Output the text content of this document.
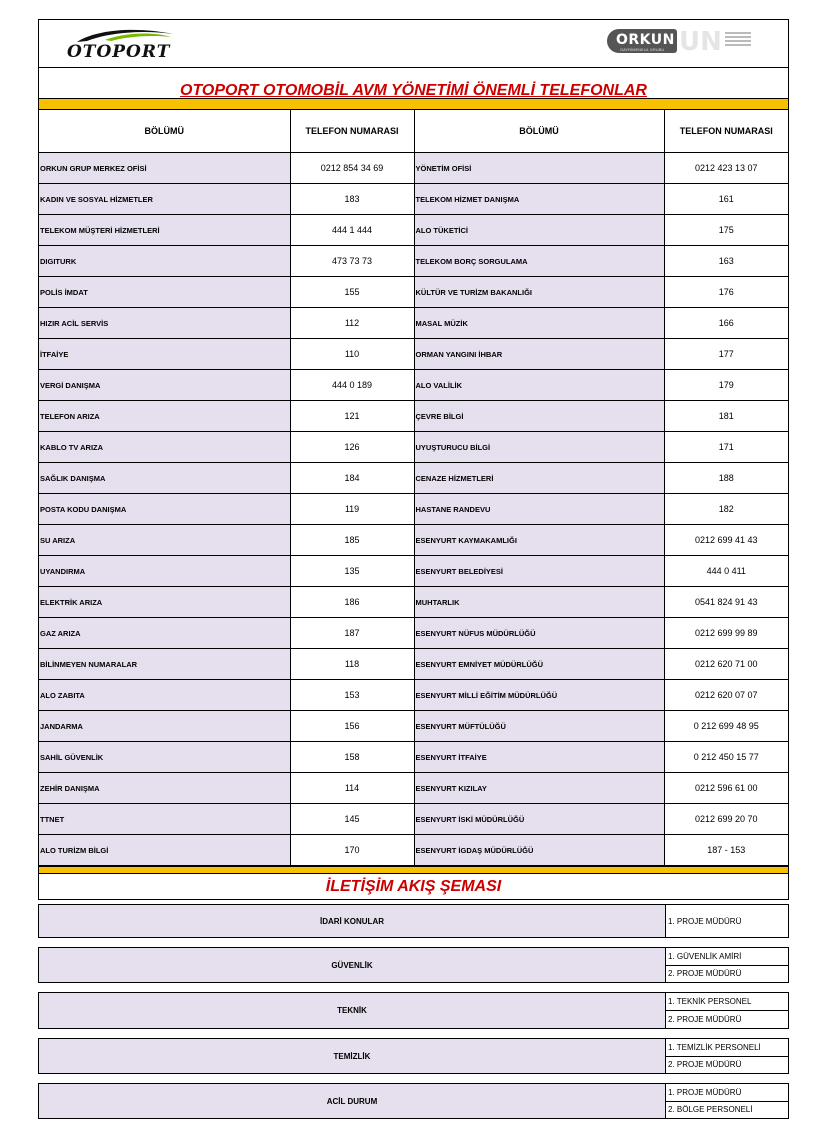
OTOPORT	UN
ORKUN
GAYRİMENKUL GRUBU
OTOPORT OTOMOBİL AVM YÖNETİMİ ÖNEMLİ TELEFONLAR
BÖLÜMÜ	TELEFON NUMARASI	BÖLÜMÜ	TELEFON NUMARASI
ORKUN GRUP MERKEZ OFİSİ	0212 854 34 69	YÖNETİM OFİSİ	0212 423 13 07
KADIN VE SOSYAL HİZMETLER	183	TELEKOM HİZMET DANIŞMA	161
TELEKOM MÜŞTERİ HİZMETLERİ	444 1 444	ALO TÜKETİCİ	175
DIGITURK	473 73 73	TELEKOM BORÇ SORGULAMA	163
POLİS İMDAT	155	KÜLTÜR VE TURİZM BAKANLIĞI	176
HIZIR ACİL SERVİS	112	MASAL MÜZİK	166
İTFAİYE	110	ORMAN YANGINI İHBAR	177
VERGİ DANIŞMA	444 0 189	ALO VALİLİK	179
TELEFON ARIZA	121	ÇEVRE BİLGİ	181
KABLO TV ARIZA	126	UYUŞTURUCU BİLGİ	171
SAĞLIK DANIŞMA	184	CENAZE HİZMETLERİ	188
POSTA KODU DANIŞMA	119	HASTANE RANDEVU	182
SU ARIZA	185	ESENYURT KAYMAKAMLIĞI	0212 699 41 43
UYANDIRMA	135	ESENYURT BELEDİYESİ	444 0 411
ELEKTRİK ARIZA	186	MUHTARLIK	0541 824 91 43
GAZ ARIZA	187	ESENYURT NÜFUS MÜDÜRLÜĞÜ	0212 699 99 89
BİLİNMEYEN NUMARALAR	118	ESENYURT EMNİYET MÜDÜRLÜĞÜ	0212 620 71 00
ALO ZABITA	153	ESENYURT MİLLİ EĞİTİM MÜDÜRLÜĞÜ	0212 620 07 07
JANDARMA	156	ESENYURT MÜFTÜLÜĞÜ	0 212 699 48 95
SAHİL GÜVENLİK	158	ESENYURT İTFAİYE	0 212 450 15 77
ZEHİR DANIŞMA	114	ESENYURT KIZILAY	0212 596 61 00
TTNET	145	ESENYURT İSKİ MÜDÜRLÜĞÜ	0212 699 20 70
ALO TURİZM BİLGİ	170	ESENYURT İGDAŞ MÜDÜRLÜĞÜ	187 - 153
İLETİŞİM AKIŞ ŞEMASI
İDARİ KONULAR	1. PROJE MÜDÜRÜ
GÜVENLİK
1. GÜVENLİK AMİRİ
2. PROJE MÜDÜRÜ
TEKNİK
1. TEKNİK PERSONEL
2. PROJE MÜDÜRÜ
TEMİZLİK
1. TEMİZLİK PERSONELİ
2. PROJE MÜDÜRÜ
ACİL DURUM
1. PROJE MÜDÜRÜ
2. BÖLGE PERSONELİ
